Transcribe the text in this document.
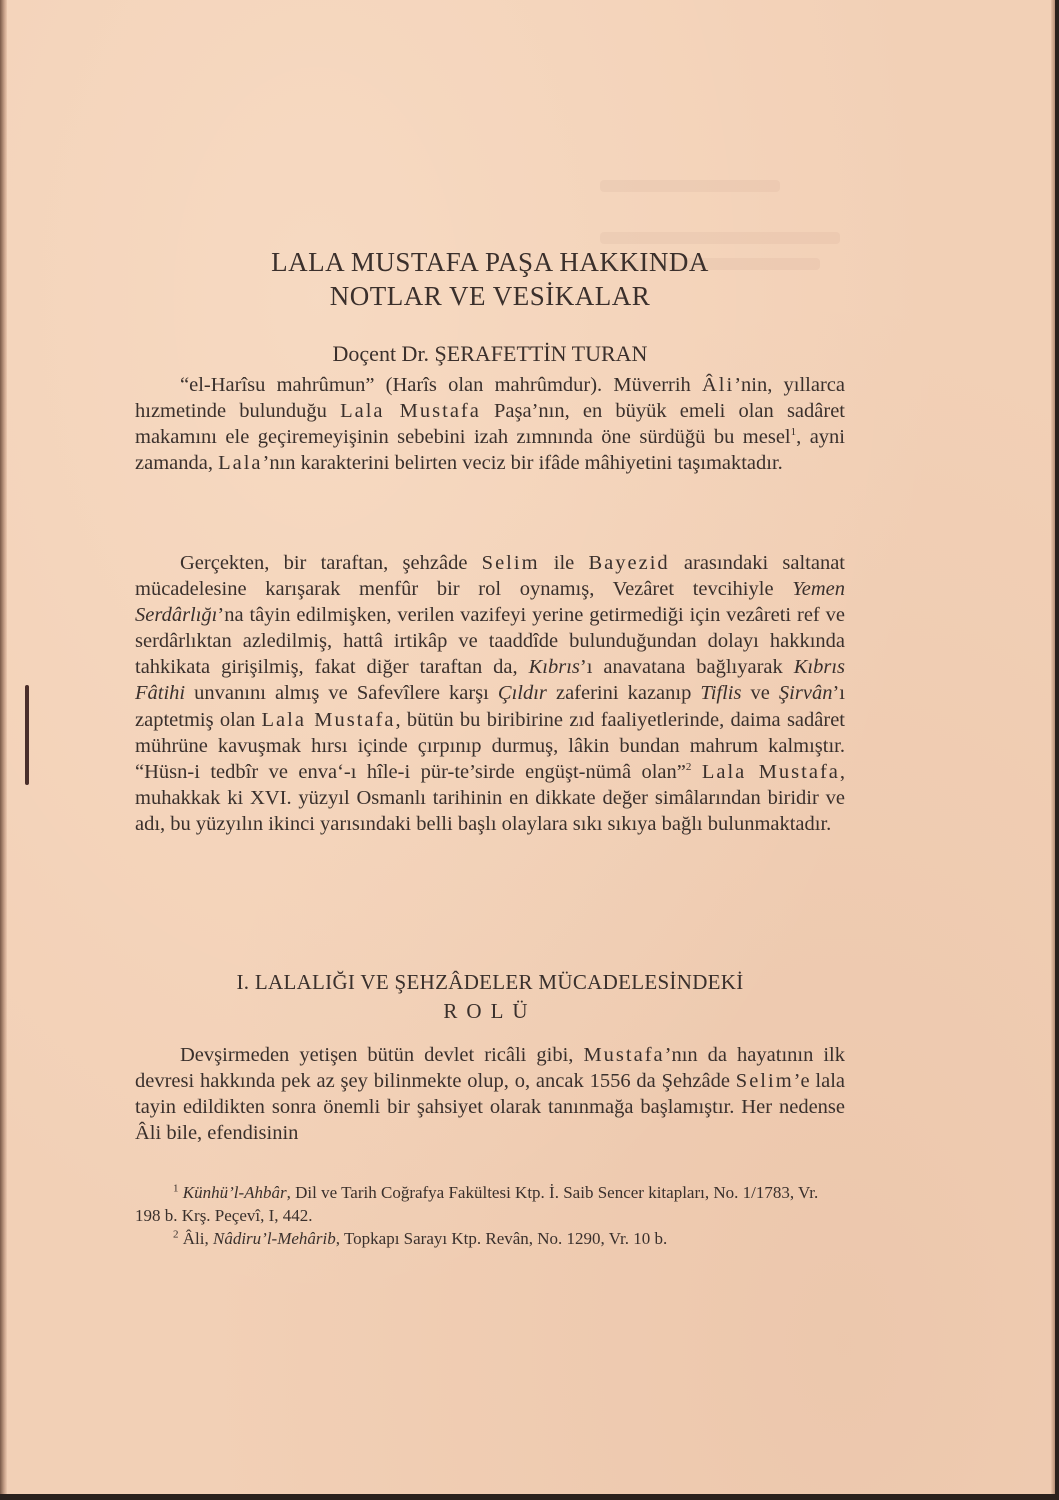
LALA MUSTAFA PAŞA HAKKINDA
NOTLAR VE VESİKALAR
Doçent Dr. ŞERAFETTİN TURAN

“el-Harîsu mahrûmun” (Harîs olan mahrûmdur). Müverrih Âli’nin, yıllarca hızmetinde bulunduğu Lala Mustafa Paşa’nın, en büyük emeli olan sadâret makamını ele geçiremeyişinin sebebini izah zımnında öne sürdüğü bu mesel$^1$, ayni zamanda, Lala’nın karakterini belirten veciz bir ifâde mâhiyetini taşımaktadır.

Gerçekten, bir taraftan, şehzâde Selim ile Bayezid arasındaki saltanat mücadelesine karışarak menfûr bir rol oynamış, Vezâret tevcihiyle Yemen Serdârlığı’na tâyin edilmişken, verilen vazifeyi yerine getirmediği için vezâreti ref ve serdârlıktan azledilmiş, hattâ irtikâp ve taaddîde bulunduğundan dolayı hakkında tahkikata girişilmiş, fakat diğer taraftan da, Kıbrıs’ı anavatana bağlıyarak Kıbrıs Fâtihi unvanını almış ve Safevîlere karşı Çıldır zaferini kazanıp Tiflis ve Şirvân’ı zaptetmiş olan Lala Mustafa, bütün bu biribirine zıd faaliyetlerinde, daima sadâret mührüne kavuşmak hırsı içinde çırpınıp durmuş, lâkin bundan mahrum kalmıştır. “Hüsn-i tedbîr ve enva‘-ı hîle-i pür-te’sirde engüşt-nümâ olan”$^2$ Lala Mustafa, muhakkak ki XVI. yüzyıl Osmanlı tarihinin en dikkate değer simâlarından biridir ve adı, bu yüzyılın ikinci yarısındaki belli başlı olaylara sıkı sıkıya bağlı bulunmaktadır.

I. LALALIĞI VE ŞEHZÂDELER MÜCADELESİNDEKİ
ROLÜ

Devşirmeden yetişen bütün devlet ricâli gibi, Mustafa’nın da hayatının ilk devresi hakkında pek az şey bilinmekte olup, o, ancak 1556 da Şehzâde Selim’e lala tayin edildikten sonra önemli bir şahsiyet olarak tanınmağa başlamıştır. Her nedense Âli bile, efendisinin

$^1$ Künhü’l-Ahbâr, Dil ve Tarih Coğrafya Fakültesi Ktp. İ. Saib Sencer kitapları, No. 1/1783, Vr. 198 b. Krş. Peçevî, I, 442.

$^2$ Âli, Nâdiru’l-Mehârib, Topkapı Sarayı Ktp. Revân, No. 1290, Vr. 10 b.
